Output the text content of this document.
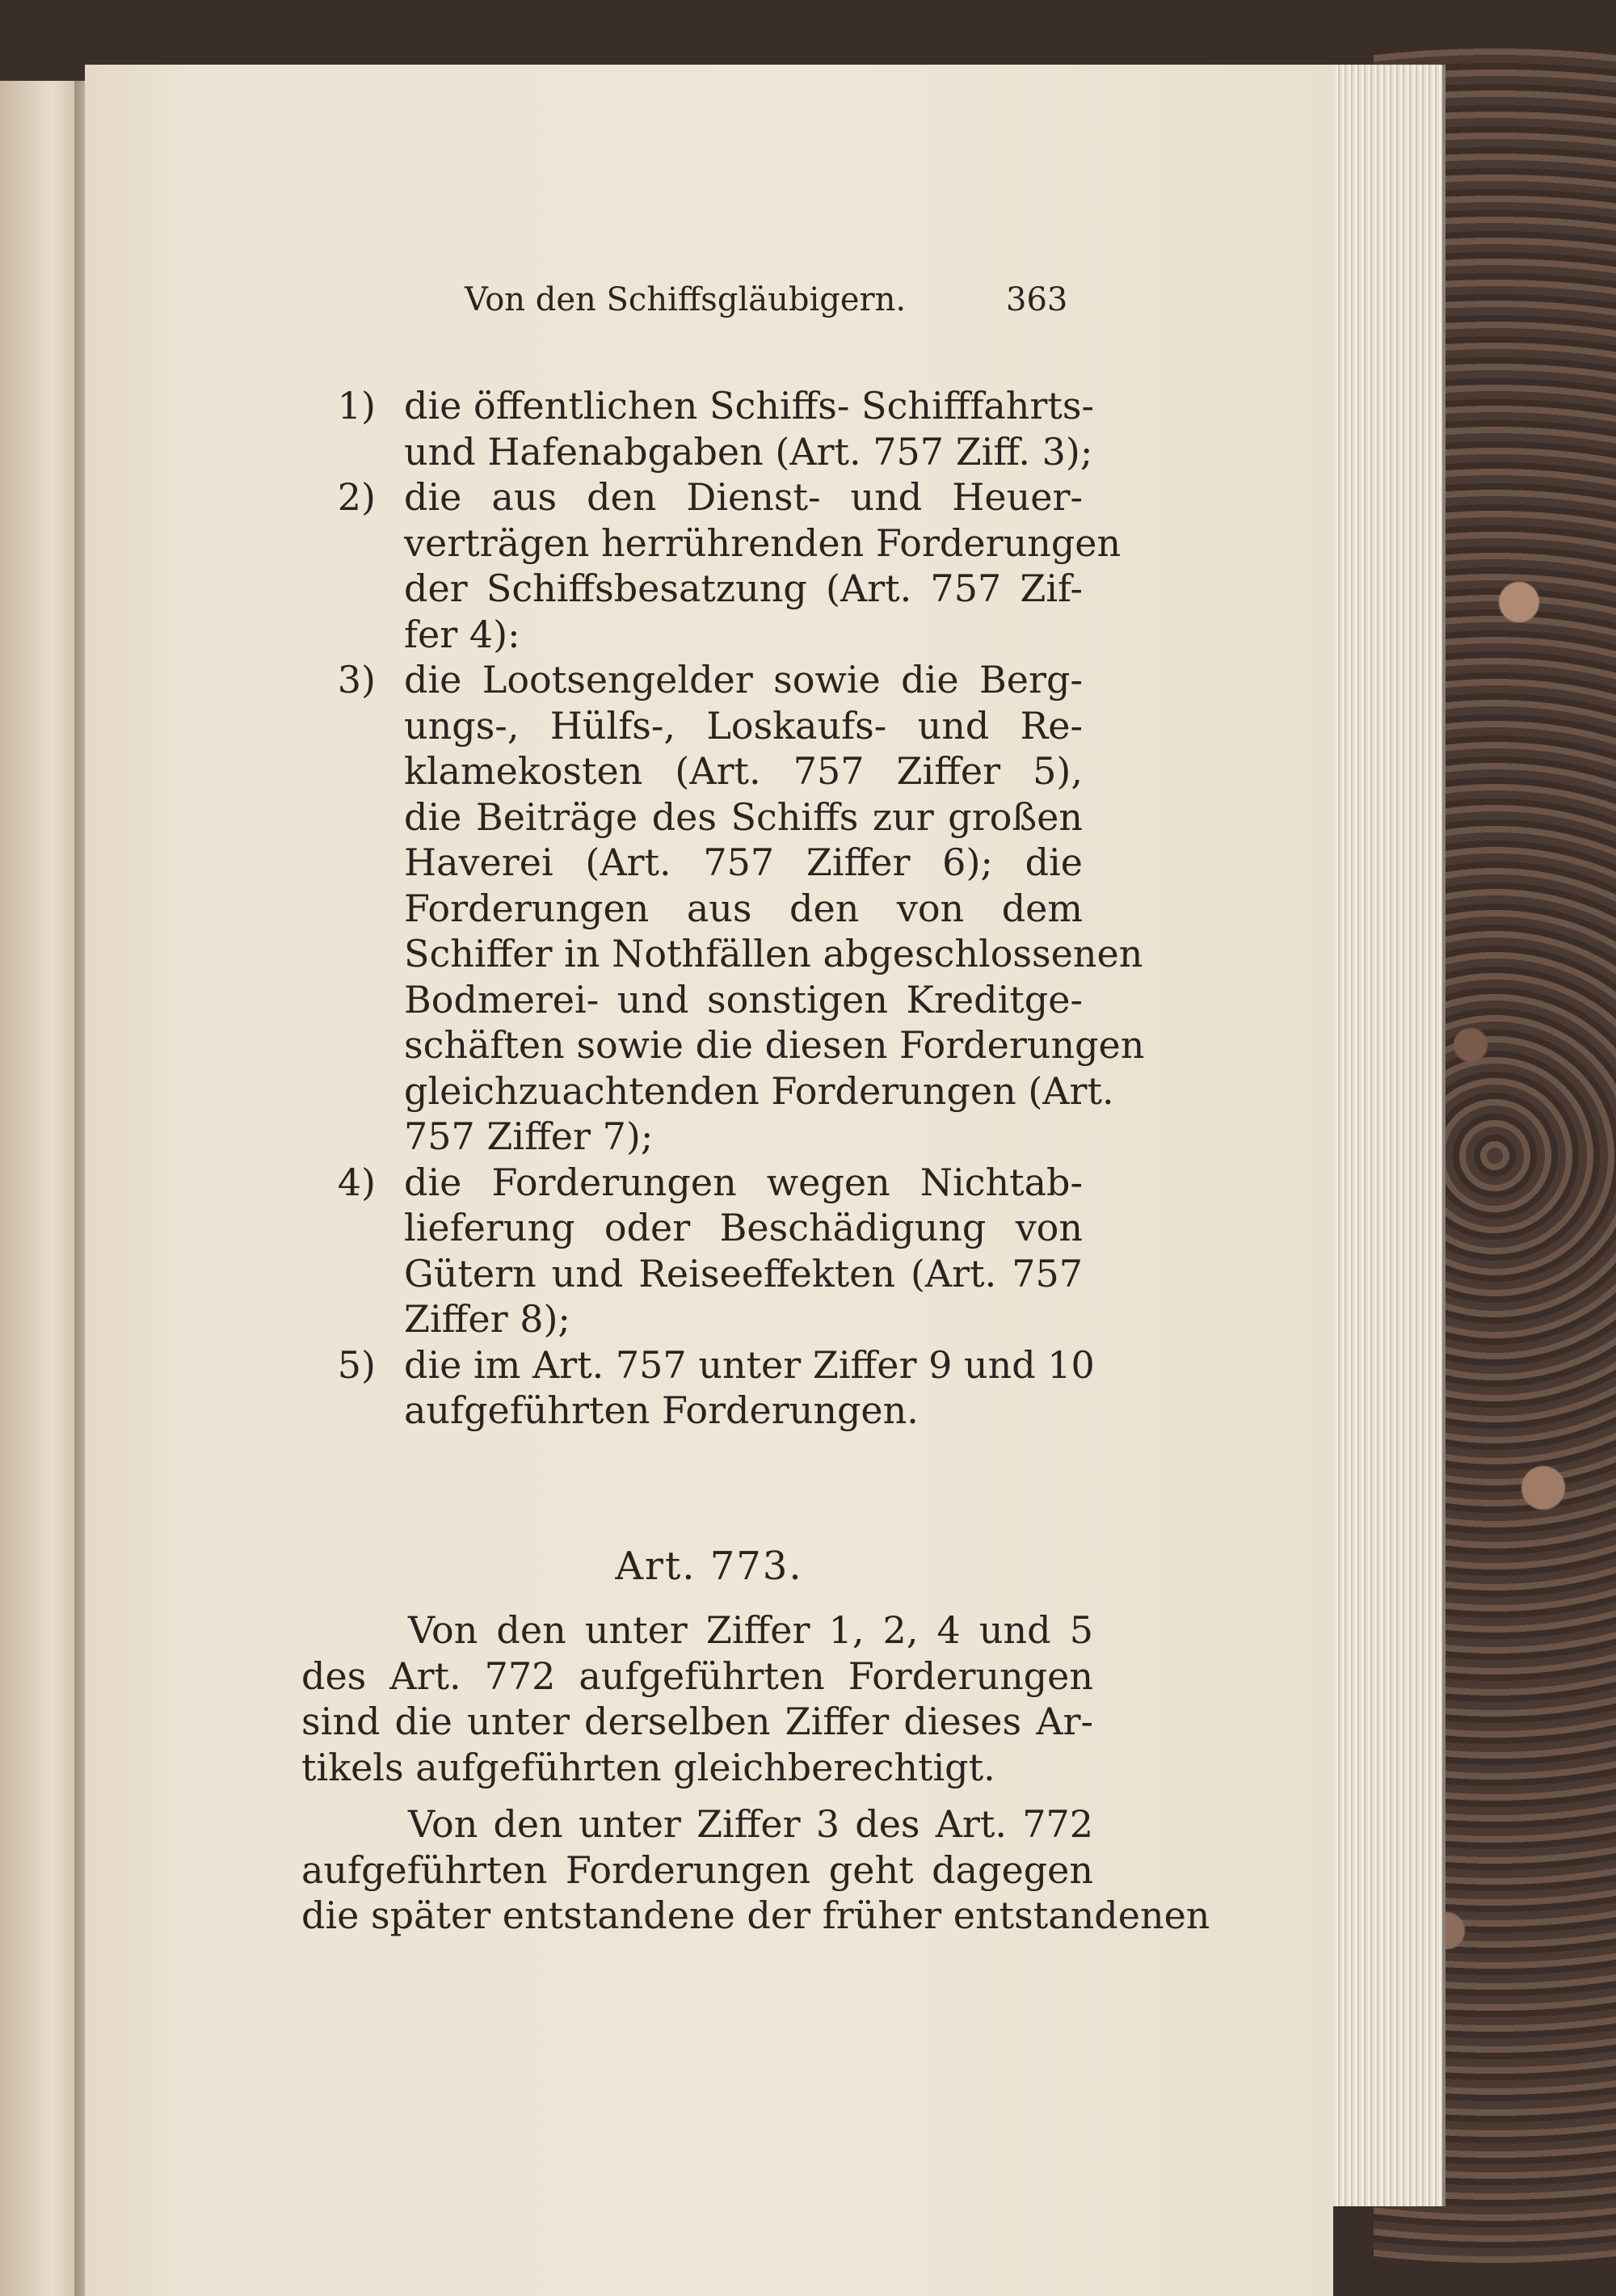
Von den Schiffsgläubigern.	363
1) die öffentlichen Schiffs- Schifffahrts-
und Hafenabgaben (Art. 757 Ziff. 3);
2) die aus den Dienst- und Heuer-
verträgen herrührenden Forderungen
der Schiffsbesatzung (Art. 757 Zif-
fer 4):
3) die Lootsengelder sowie die Berg-
ungs-, Hülfs-, Loskaufs- und Re-
klamekosten (Art. 757 Ziffer 5),
die Beiträge des Schiffs zur großen
Haverei (Art. 757 Ziffer 6); die
Forderungen aus den von dem
Schiffer in Nothfällen abgeschlossenen
Bodmerei- und sonstigen Kreditge-
schäften sowie die diesen Forderungen
gleichzuachtenden Forderungen (Art.
757 Ziffer 7);
4) die Forderungen wegen Nichtab-
lieferung oder Beschädigung von
Gütern und Reiseeffekten (Art. 757
Ziffer 8);
5) die im Art. 757 unter Ziffer 9 und 10
aufgeführten Forderungen.
Art. 773.
Von den unter Ziffer 1, 2, 4 und 5
des Art. 772 aufgeführten Forderungen
sind die unter derselben Ziffer dieses Ar-
tikels aufgeführten gleichberechtigt.
Von den unter Ziffer 3 des Art. 772
aufgeführten Forderungen geht dagegen
die später entstandene der früher entstandenen
